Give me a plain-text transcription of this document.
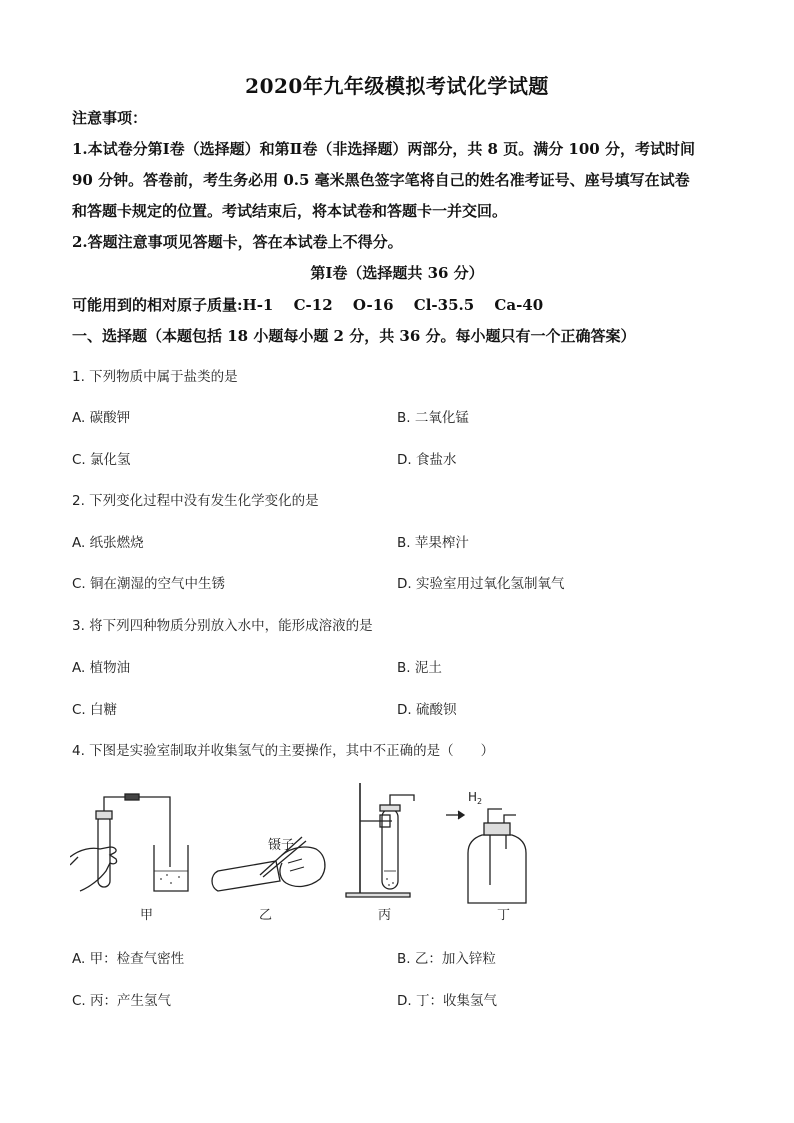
2020年九年级模拟考试化学试题
注意事项：
1.本试卷分第Ⅰ卷（选择题）和第Ⅱ卷（非选择题）两部分，共 8 页。满分 100 分，考试时间
90 分钟。答卷前，考生务必用 0.5 毫米黑色签字笔将自己的姓名准考证号、座号填写在试卷
和答题卡规定的位置。考试结束后，将本试卷和答题卡一并交回。
2.答题注意事项见答题卡，答在本试卷上不得分。
第Ⅰ卷（选择题共 36 分）
可能用到的相对原子质量:H-1　 C-12　 O-16　 Cl-35.5　 Ca-40
一、选择题（本题包括 18 小题每小题 2 分，共 36 分。每小题只有一个正确答案）
1. 下列物质中属于盐类的是
A. 碳酸钾	B. 二氧化锰
C. 氯化氢	D. 食盐水
2. 下列变化过程中没有发生化学变化的是
A. 纸张燃烧	B. 苹果榨汁
C. 铜在潮湿的空气中生锈	D. 实验室用过氧化氢制氧气
3. 将下列四种物质分别放入水中，能形成溶液的是
A. 植物油	B. 泥土
C. 白糖	D. 硫酸钡
4. 下图是实验室制取并收集氢气的主要操作，其中不正确的是（　　）
$H_2$
镊子
甲	乙	丙	丁
A. 甲：检查气密性	B. 乙：加入锌粒
C. 丙：产生氢气	D. 丁：收集氢气
